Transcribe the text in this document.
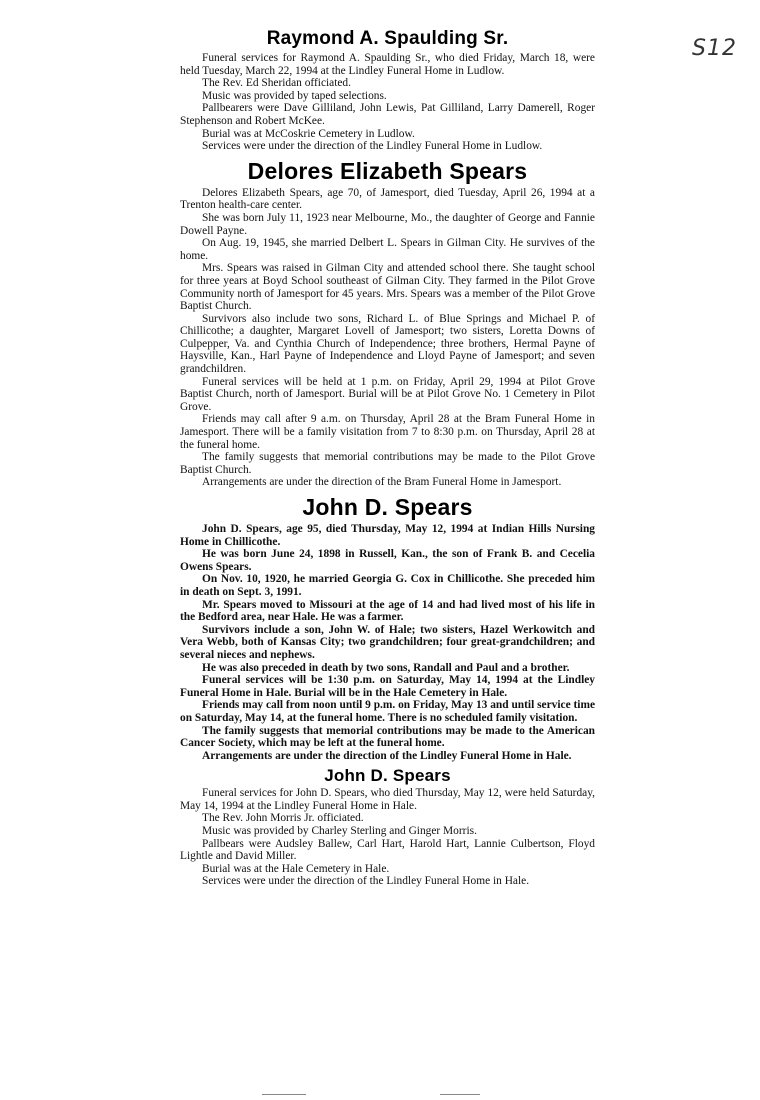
S12
Raymond A. Spaulding Sr.

Funeral services for Raymond A. Spaulding Sr., who died Friday, March 18, were held Tuesday, March 22, 1994 at the Lindley Funeral Home in Ludlow.

The Rev. Ed Sheridan officiated.

Music was provided by taped selections.

Pallbearers were Dave Gilliland, John Lewis, Pat Gilliland, Larry Damerell, Roger Stephenson and Robert McKee.

Burial was at McCoskrie Cemetery in Ludlow.

Services were under the direction of the Lindley Funeral Home in Ludlow.

Delores Elizabeth Spears

Delores Elizabeth Spears, age 70, of Jamesport, died Tuesday, April 26, 1994 at a Trenton health-care center.

She was born July 11, 1923 near Melbourne, Mo., the daughter of George and Fannie Dowell Payne.

On Aug. 19, 1945, she married Delbert L. Spears in Gilman City. He survives of the home.

Mrs. Spears was raised in Gilman City and attended school there. She taught school for three years at Boyd School southeast of Gilman City. They farmed in the Pilot Grove Community north of Jamesport for 45 years. Mrs. Spears was a member of the Pilot Grove Baptist Church.

Survivors also include two sons, Richard L. of Blue Springs and Michael P. of Chillicothe; a daughter, Margaret Lovell of Jamesport; two sisters, Loretta Downs of Culpepper, Va. and Cynthia Church of Independence; three brothers, Hermal Payne of Haysville, Kan., Harl Payne of Independence and Lloyd Payne of Jamesport; and seven grandchildren.

Funeral services will be held at 1 p.m. on Friday, April 29, 1994 at Pilot Grove Baptist Church, north of Jamesport. Burial will be at Pilot Grove No. 1 Cemetery in Pilot Grove.

Friends may call after 9 a.m. on Thursday, April 28 at the Bram Funeral Home in Jamesport. There will be a family visitation from 7 to 8:30 p.m. on Thursday, April 28 at the funeral home.

The family suggests that memorial contributions may be made to the Pilot Grove Baptist Church.

Arrangements are under the direction of the Bram Funeral Home in Jamesport.

John D. Spears

John D. Spears, age 95, died Thursday, May 12, 1994 at Indian Hills Nursing Home in Chillicothe.

He was born June 24, 1898 in Russell, Kan., the son of Frank B. and Cecelia Owens Spears.

On Nov. 10, 1920, he married Georgia G. Cox in Chillicothe. She preceded him in death on Sept. 3, 1991.

Mr. Spears moved to Missouri at the age of 14 and had lived most of his life in the Bedford area, near Hale. He was a farmer.

Survivors include a son, John W. of Hale; two sisters, Hazel Werkowitch and Vera Webb, both of Kansas City; two grandchildren; four great-grandchildren; and several nieces and nephews.

He was also preceded in death by two sons, Randall and Paul and a brother.

Funeral services will be 1:30 p.m. on Saturday, May 14, 1994 at the Lindley Funeral Home in Hale. Burial will be in the Hale Cemetery in Hale.

Friends may call from noon until 9 p.m. on Friday, May 13 and until service time on Saturday, May 14, at the funeral home. There is no scheduled family visitation.

The family suggests that memorial contributions may be made to the American Cancer Society, which may be left at the funeral home.

Arrangements are under the direction of the Lindley Funeral Home in Hale.

John D. Spears

Funeral services for John D. Spears, who died Thursday, May 12, were held Saturday, May 14, 1994 at the Lindley Funeral Home in Hale.

The Rev. John Morris Jr. officiated.

Music was provided by Charley Sterling and Ginger Morris.

Pallbears were Audsley Ballew, Carl Hart, Harold Hart, Lannie Culbertson, Floyd Lightle and David Miller.

Burial was at the Hale Cemetery in Hale.

Services were under the direction of the Lindley Funeral Home in Hale.
